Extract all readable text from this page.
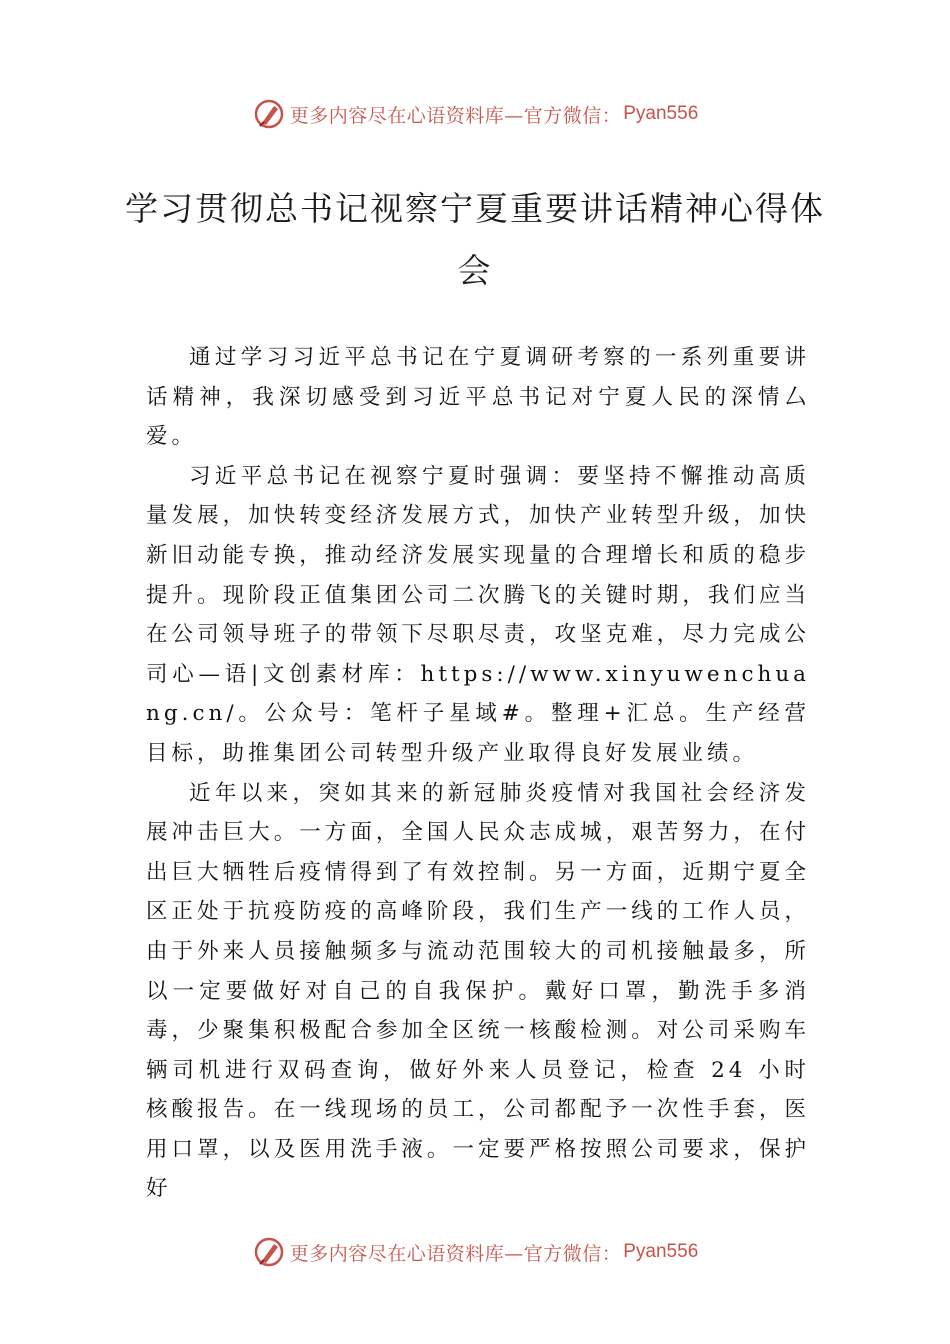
更多内容尽在心语资料库—官方微信： Pyan556
学习贯彻总书记视察宁夏重要讲话精神心得体会

通过学习习近平总书记在宁夏调研考察的一系列重要讲话精神，我深切感受到习近平总书记对宁夏人民的深情厶爱。

习近平总书记在视察宁夏时强调：要坚持不懈推动高质量发展，加快转变经济发展方式，加快产业转型升级，加快新旧动能专换，推动经济发展实现量的合理增长和质的稳步提升。现阶段正值集团公司二次腾飞的关键时期，我们应当在公司领导班子的带领下尽职尽责，攻坚克难，尽力完成公司心—语|文创素材库：https://www.xinyuwenchuang.cn/。公众号：笔杆子星域#。整理+汇总。生产经营目标，助推集团公司转型升级产业取得良好发展业绩。

近年以来，突如其来的新冠肺炎疫情对我国社会经济发展冲击巨大。一方面，全国人民众志成城，艰苦努力，在付出巨大牺牲后疫情得到了有效控制。另一方面，近期宁夏全区正处于抗疫防疫的高峰阶段，我们生产一线的工作人员，由于外来人员接触频多与流动范围较大的司机接触最多，所以一定要做好对自己的自我保护。戴好口罩，勤洗手多消毒，少聚集积极配合参加全区统一核酸检测。对公司采购车辆司机进行双码查询，做好外来人员登记，检查 24 小时核酸报告。在一线现场的员工，公司都配予一次性手套，医用口罩，以及医用洗手液。一定要严格按照公司要求，保护好

更多内容尽在心语资料库—官方微信： Pyan556
